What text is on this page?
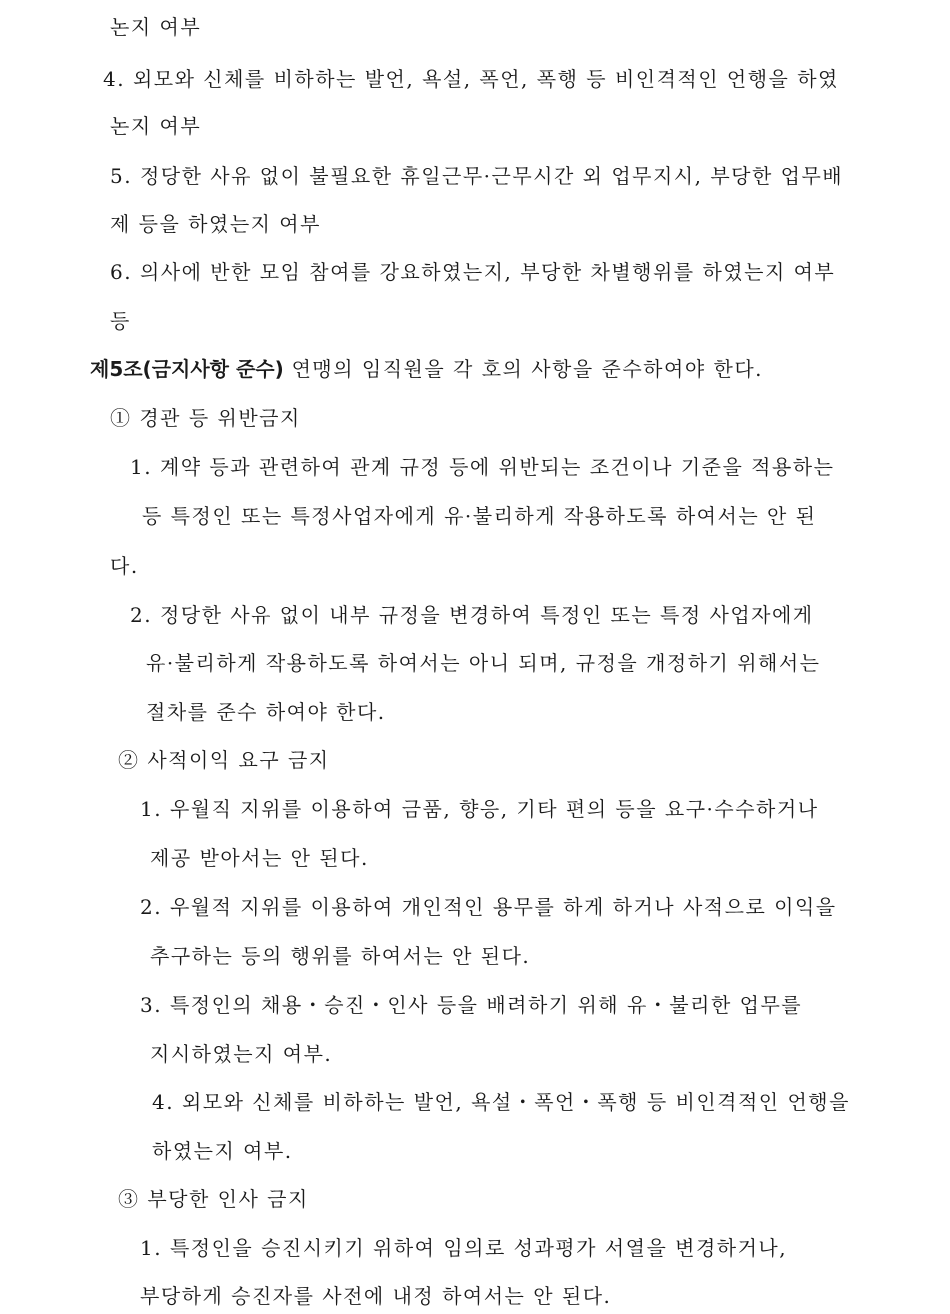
논지 여부
4. 외모와 신체를 비하하는 발언, 욕설, 폭언, 폭행 등 비인격적인 언행을 하였
논지 여부
5. 정당한 사유 없이 불필요한 휴일근무·근무시간 외 업무지시, 부당한 업무배
제 등을 하였는지 여부
6. 의사에 반한 모임 참여를 강요하였는지, 부당한 차별행위를 하였는지 여부
등
제5조(금지사항 준수) 연맹의 임직원을 각 호의 사항을 준수하여야 한다.
① 경관 등 위반금지
1. 계약 등과 관련하여 관계 규정 등에 위반되는 조건이나 기준을 적용하는
등 특정인 또는 특정사업자에게 유·불리하게 작용하도록 하여서는 안 된
다.
2. 정당한 사유 없이 내부 규정을 변경하여 특정인 또는 특정 사업자에게
유·불리하게 작용하도록 하여서는 아니 되며, 규정을 개정하기 위해서는
절차를 준수 하여야 한다.
② 사적이익 요구 금지
1. 우월직 지위를 이용하여 금품, 향응, 기타 편의 등을 요구·수수하거나
제공 받아서는 안 된다.
2. 우월적 지위를 이용하여 개인적인 용무를 하게 하거나 사적으로 이익을
추구하는 등의 행위를 하여서는 안 된다.
3. 특정인의 채용・승진・인사 등을 배려하기 위해 유・불리한 업무를
지시하였는지 여부.
4. 외모와 신체를 비하하는 발언, 욕설・폭언・폭행 등 비인격적인 언행을
하였는지 여부.
③ 부당한 인사 금지
1. 특정인을 승진시키기 위하여 임의로 성과평가 서열을 변경하거나,
부당하게 승진자를 사전에 내정 하여서는 안 된다.
